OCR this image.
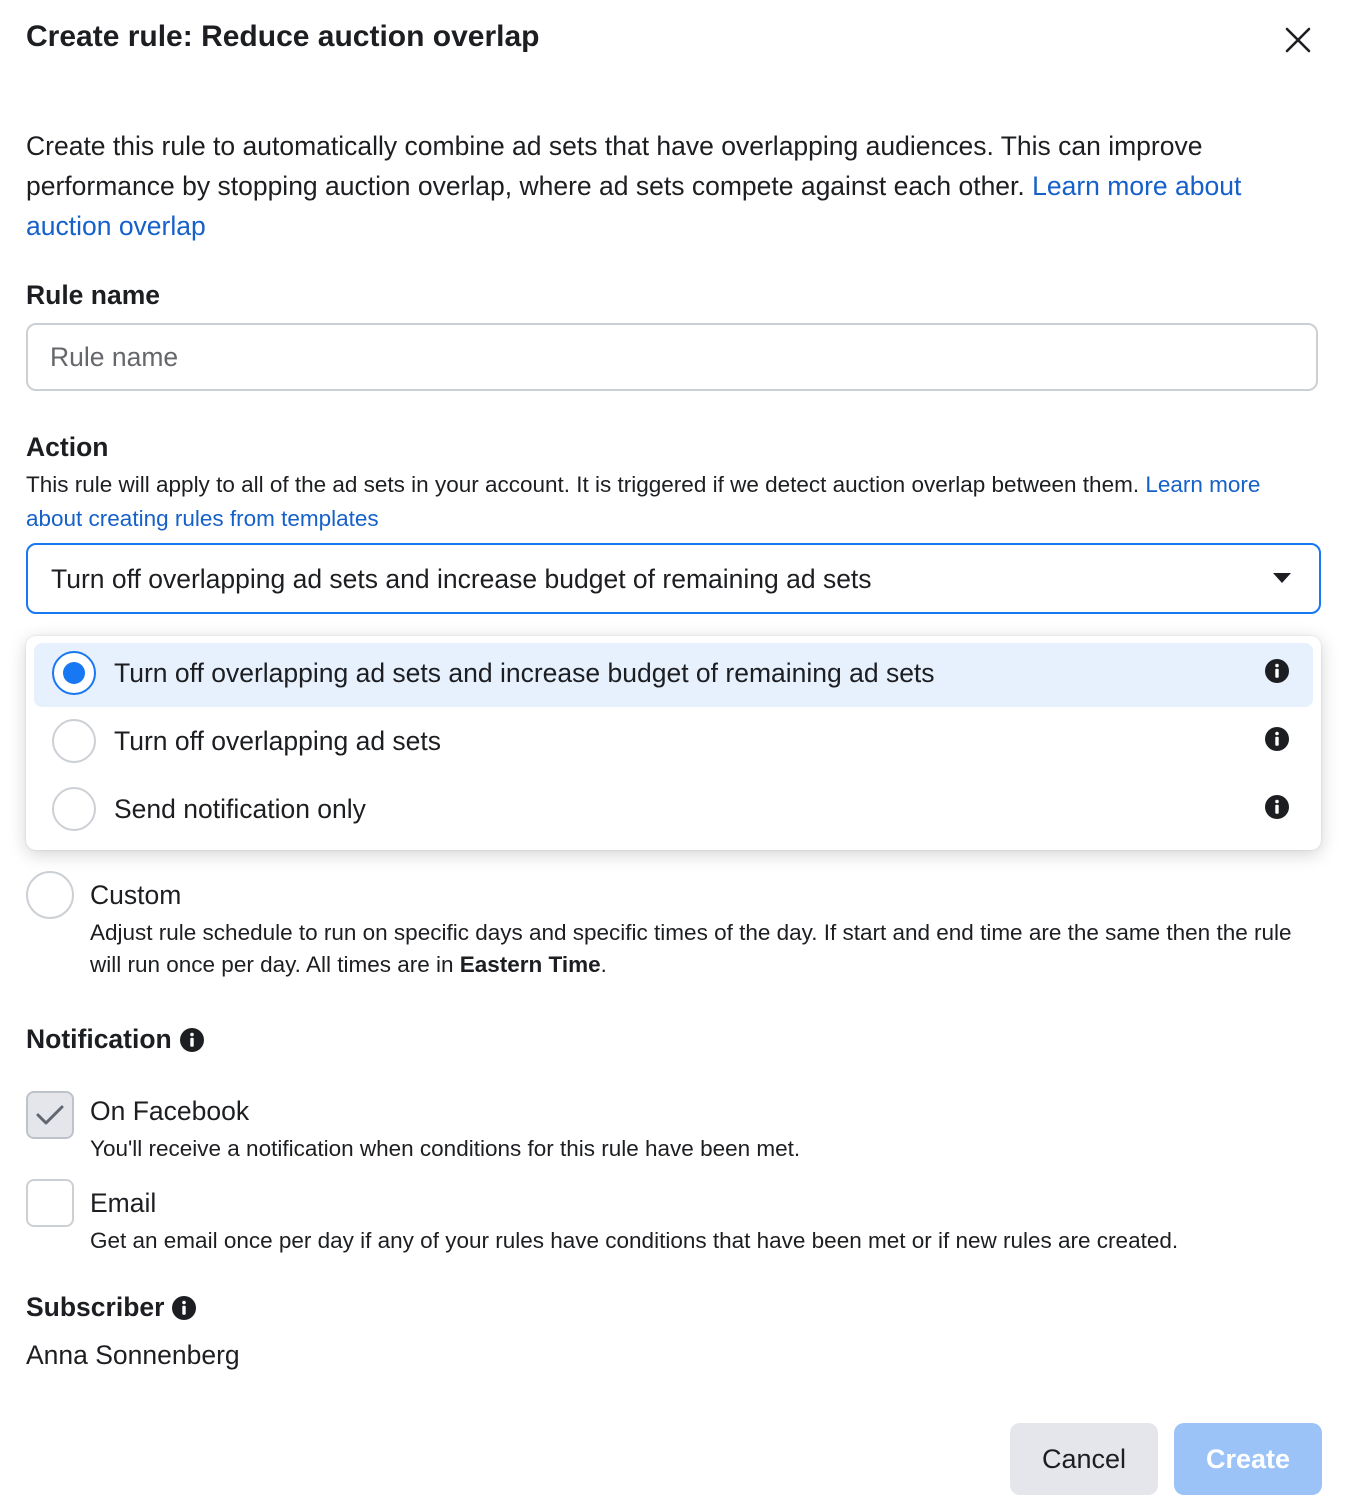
Create rule: Reduce auction overlap
Create this rule to automatically combine ad sets that have overlapping audiences. This can improve performance by stopping auction overlap, where ad sets compete against each other. Learn more about auction overlap
Rule name
Rule name
Action
This rule will apply to all of the ad sets in your account. It is triggered if we detect auction overlap between them. Learn more about creating rules from templates
Turn off overlapping ad sets and increase budget of remaining ad sets
Turn off overlapping ad sets and increase budget of remaining ad sets
Turn off overlapping ad sets
Send notification only
Custom
Adjust rule schedule to run on specific days and specific times of the day. If start and end time are the same then the rule will run once per day. All times are in Eastern Time.
Notification
On Facebook
You'll receive a notification when conditions for this rule have been met.
Email
Get an email once per day if any of your rules have conditions that have been met or if new rules are created.
Subscriber
Anna Sonnenberg
Cancel	Create
